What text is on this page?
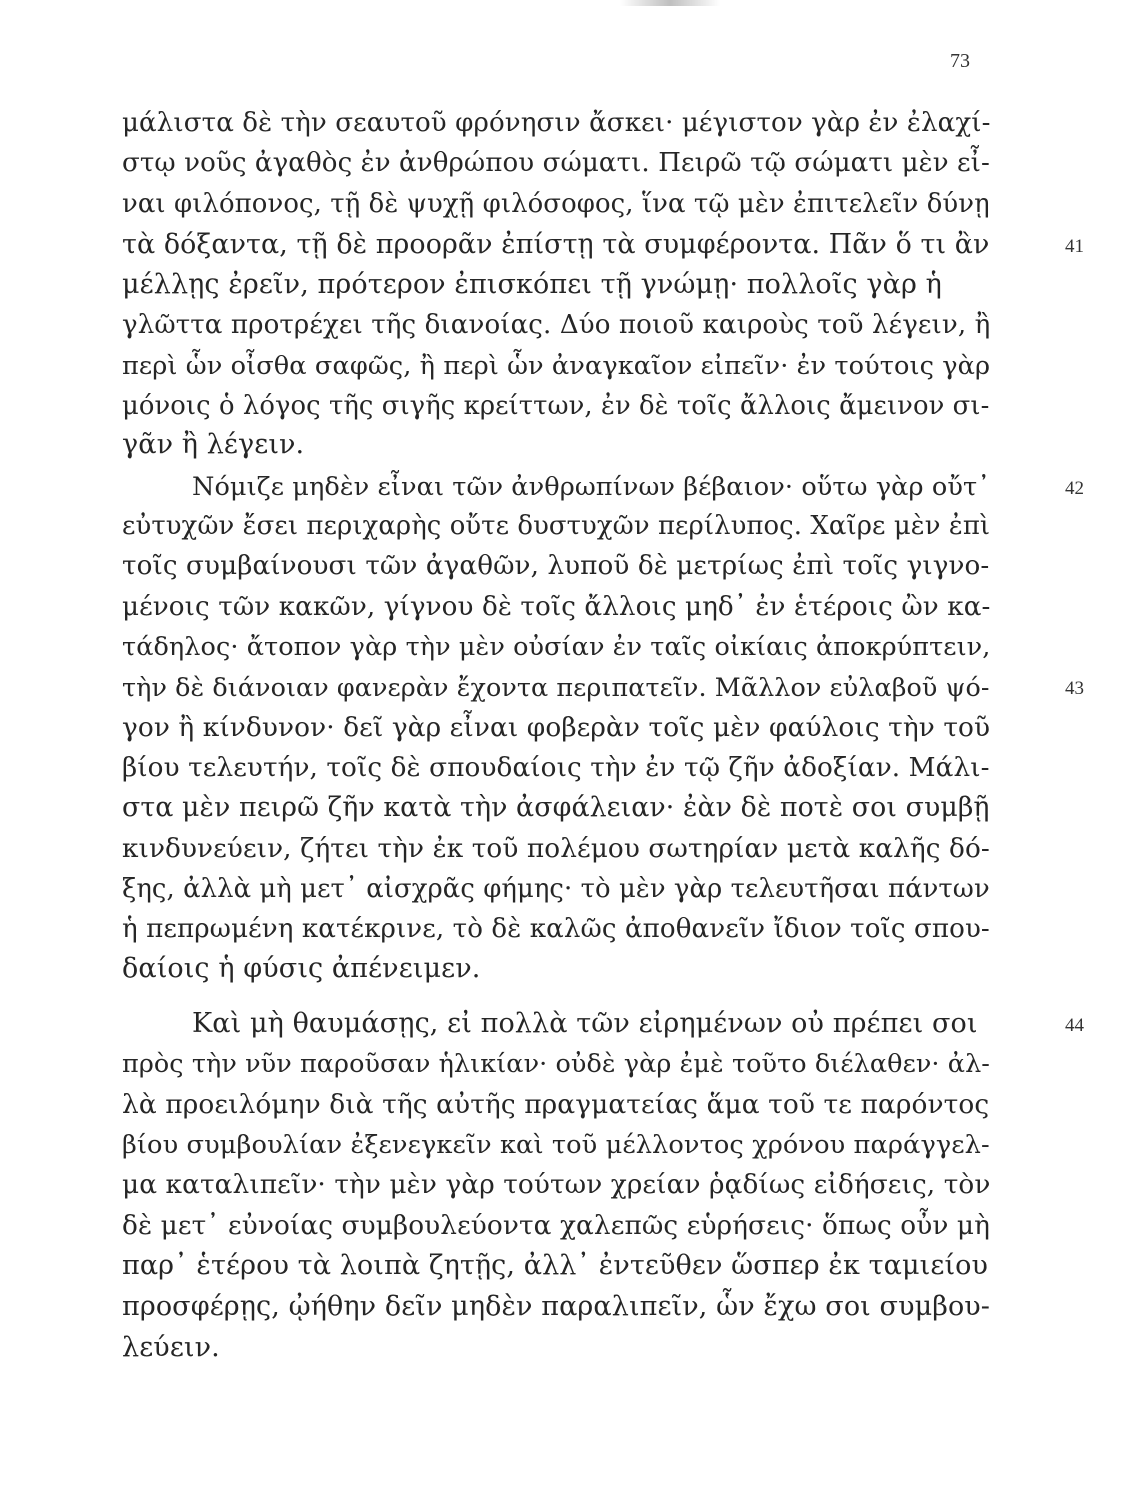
73
μάλιστα δὲ τὴν σεαυτοῦ φρόνησιν ἄσκει· μέγιστον γὰρ ἐν ἐλαχί-
στῳ νοῦς ἀγαθὸς ἐν ἀνθρώπου σώματι. Πειρῶ τῷ σώματι μὲν εἶ-
ναι φιλόπονος, τῇ δὲ ψυχῇ φιλόσοφος, ἵνα τῷ μὲν ἐπιτελεῖν δύνῃ
τὰ δόξαντα, τῇ δὲ προορᾶν ἐπίστῃ τὰ συμφέροντα. Πᾶν ὅ τι ἂν
μέλλῃς ἐρεῖν, πρότερον ἐπισκόπει τῇ γνώμῃ· πολλοῖς γὰρ ἡ
γλῶττα προτρέχει τῆς διανοίας. Δύο ποιοῦ καιροὺς τοῦ λέγειν, ἢ
περὶ ὧν οἶσθα σαφῶς, ἢ περὶ ὧν ἀναγκαῖον εἰπεῖν· ἐν τούτοις γὰρ
μόνοις ὁ λόγος τῆς σιγῆς κρείττων, ἐν δὲ τοῖς ἄλλοις ἄμεινον σι-
γᾶν ἢ λέγειν.
Νόμιζε μηδὲν εἶναι τῶν ἀνθρωπίνων βέβαιον· οὕτω γὰρ οὔτ᾽
εὐτυχῶν ἔσει περιχαρὴς οὔτε δυστυχῶν περίλυπος. Χαῖρε μὲν ἐπὶ
τοῖς συμβαίνουσι τῶν ἀγαθῶν, λυποῦ δὲ μετρίως ἐπὶ τοῖς γιγνο-
μένοις τῶν κακῶν, γίγνου δὲ τοῖς ἄλλοις μηδ᾽ ἐν ἑτέροις ὢν κα-
τάδηλος· ἄτοπον γὰρ τὴν μὲν οὐσίαν ἐν ταῖς οἰκίαις ἀποκρύπτειν,
τὴν δὲ διάνοιαν φανερὰν ἔχοντα περιπατεῖν. Μᾶλλον εὐλαβοῦ ψό-
γον ἢ κίνδυνον· δεῖ γὰρ εἶναι φοβερὰν τοῖς μὲν φαύλοις τὴν τοῦ
βίου τελευτήν, τοῖς δὲ σπουδαίοις τὴν ἐν τῷ ζῆν ἀδοξίαν. Μάλι-
στα μὲν πειρῶ ζῆν κατὰ τὴν ἀσφάλειαν· ἐὰν δὲ ποτὲ σοι συμβῇ
κινδυνεύειν, ζήτει τὴν ἐκ τοῦ πολέμου σωτηρίαν μετὰ καλῆς δό-
ξης, ἀλλὰ μὴ μετ᾽ αἰσχρᾶς φήμης· τὸ μὲν γὰρ τελευτῆσαι πάντων
ἡ πεπρωμένη κατέκρινε, τὸ δὲ καλῶς ἀποθανεῖν ἴδιον τοῖς σπου-
δαίοις ἡ φύσις ἀπένειμεν.
Καὶ μὴ θαυμάσῃς, εἰ πολλὰ τῶν εἰρημένων οὐ πρέπει σοι
πρὸς τὴν νῦν παροῦσαν ἡλικίαν· οὐδὲ γὰρ ἐμὲ τοῦτο διέλαθεν· ἀλ-
λὰ προειλόμην διὰ τῆς αὐτῆς πραγματείας ἅμα τοῦ τε παρόντος
βίου συμβουλίαν ἐξενεγκεῖν καὶ τοῦ μέλλοντος χρόνου παράγγελ-
μα καταλιπεῖν· τὴν μὲν γὰρ τούτων χρείαν ῥᾳδίως εἰδήσεις, τὸν
δὲ μετ᾽ εὐνοίας συμβουλεύοντα χαλεπῶς εὑρήσεις· ὅπως οὖν μὴ
παρ᾽ ἑτέρου τὰ λοιπὰ ζητῇς, ἀλλ᾽ ἐντεῦθεν ὥσπερ ἐκ ταμιείου
προσφέρῃς, ᾠήθην δεῖν μηδὲν παραλιπεῖν, ὧν ἔχω σοι συμβου-
λεύειν.
41
42
43
44
